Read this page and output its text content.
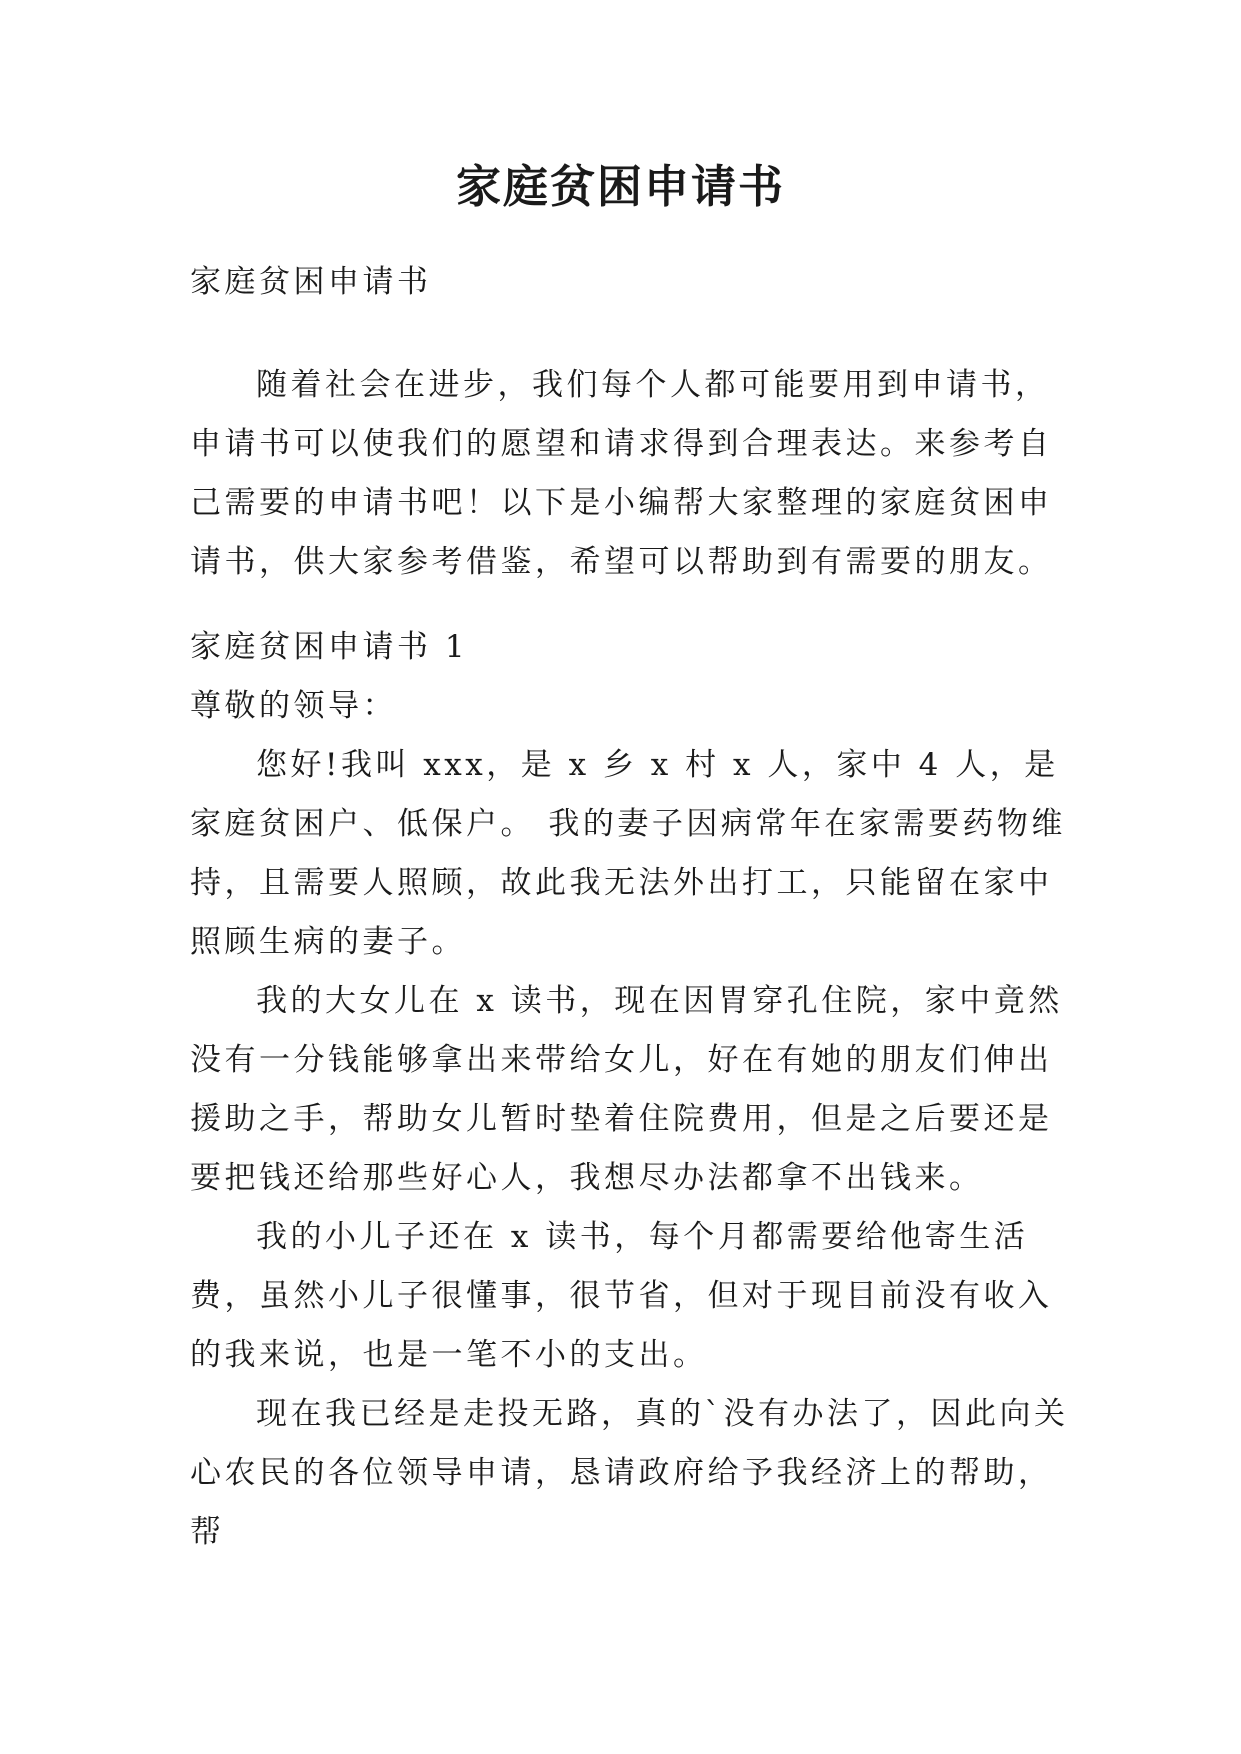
家庭贫困申请书

家庭贫困申请书

随着社会在进步，我们每个人都可能要用到申请书，申请书可以使我们的愿望和请求得到合理表达。来参考自己需要的申请书吧！以下是小编帮大家整理的家庭贫困申请书，供大家参考借鉴，希望可以帮助到有需要的朋友。

家庭贫困申请书 1

尊敬的领导：

您好!我叫 xxx，是 x 乡 x 村 x 人，家中 4 人，是家庭贫困户、低保户。 我的妻子因病常年在家需要药物维持，且需要人照顾，故此我无法外出打工，只能留在家中照顾生病的妻子。

我的大女儿在 x 读书，现在因胃穿孔住院，家中竟然没有一分钱能够拿出来带给女儿，好在有她的朋友们伸出援助之手，帮助女儿暂时垫着住院费用，但是之后要还是要把钱还给那些好心人，我想尽办法都拿不出钱来。

我的小儿子还在 x 读书，每个月都需要给他寄生活费，虽然小儿子很懂事，很节省，但对于现目前没有收入的我来说，也是一笔不小的支出。

现在我已经是走投无路，真的`没有办法了，因此向关心农民的各位领导申请，恳请政府给予我经济上的帮助，帮
